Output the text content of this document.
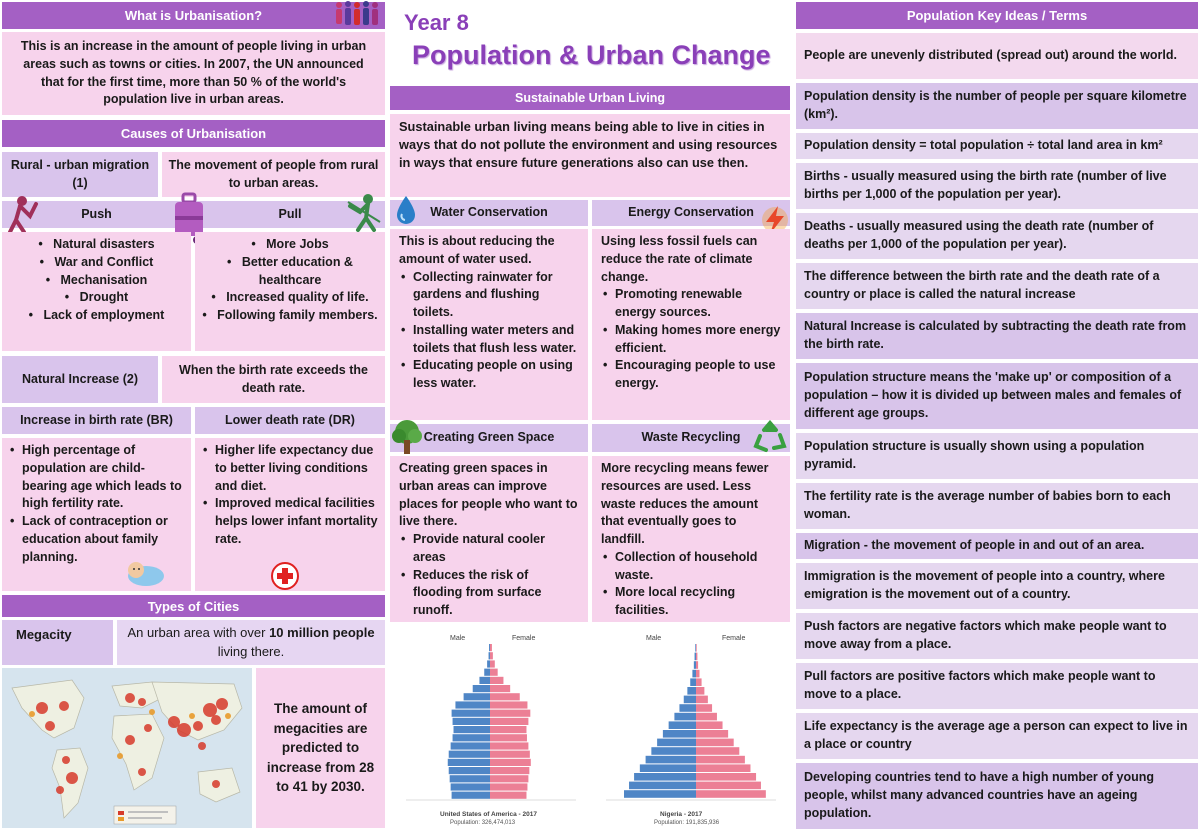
What is Urbanisation?
This is an increase in the amount of people living in urban areas such as towns or cities. In 2007, the UN announced that for the first time, more than 50 % of the world's population live in urban areas.
Causes of Urbanisation
Rural - urban migration (1)
The movement of people from rural to urban areas.
Push	Pull
•   Natural disasters
•   War and Conflict
•   Mechanisation
•   Drought
•   Lack of employment
•   More Jobs
•   Better education & healthcare
•   Increased quality of life.
•   Following family members.
Natural Increase (2)
When the birth rate exceeds the death rate.
Increase in birth rate (BR)	Lower death rate (DR)
• High percentage of population are child-bearing age which leads to high fertility rate.
• Lack of contraception or education about family planning.
• Higher life expectancy due to better living conditions and diet.
• Improved medical facilities helps lower infant mortality rate.
Types of Cities
Megacity	An urban area with over 10 million people living there.
The amount of megacities are predicted to increase from 28 to 41 by 2030.
Year 8
Population & Urban Change
Sustainable Urban Living
Sustainable urban living means being able to live in cities in ways that do not pollute the environment and using resources in ways that ensure future generations also can use then.
Water Conservation	Energy Conservation
This is about reducing the amount of water used.
• Collecting rainwater for gardens and flushing toilets.
• Installing water meters and toilets that flush less water.
• Educating people on using less water.
Using less fossil fuels can reduce the rate of climate change.
• Promoting renewable energy sources.
• Making homes more energy efficient.
• Encouraging people to use energy.
Creating Green Space	Waste Recycling
Creating green spaces in urban areas can improve places for people who want to live there.
• Provide natural cooler areas
• Reduces the risk of flooding from surface runoff.
More recycling means fewer resources are used. Less waste reduces the amount that eventually goes to landfill.
• Collection of household waste.
• More local recycling facilities.
Male	Female
United States of America - 2017
Population: 326,474,013
Male	Female
Nigeria - 2017
Population: 191,835,936
Population Key Ideas / Terms
People are unevenly distributed (spread out) around the world.
Population density is the number of people per square kilometre (km²).
Population density = total population ÷ total land area in km²
Births - usually measured using the birth rate (number of live births per 1,000 of the population per year).
Deaths - usually measured using the death rate (number of deaths per 1,000 of the population per year).
The difference between the birth rate and the death rate of a country or place is called the natural increase
Natural Increase is calculated by subtracting the death rate from the birth rate.
Population structure means the 'make up' or composition of a population – how it is divided up between males and females of different age groups.
Population structure is usually shown using a population pyramid.
The fertility rate is the average number of babies born to each woman.
Migration - the movement of people in and out of an area.
Immigration is the movement of people into a country, where emigration is the movement out of a country.
Push factors are negative factors which make people want to move away from a place.
Pull factors are positive factors which make people want to move to a place.
Life expectancy is the average age a person can expect to live in a place or country
Developing countries tend to have a high number of young people, whilst many advanced countries have an ageing population.
